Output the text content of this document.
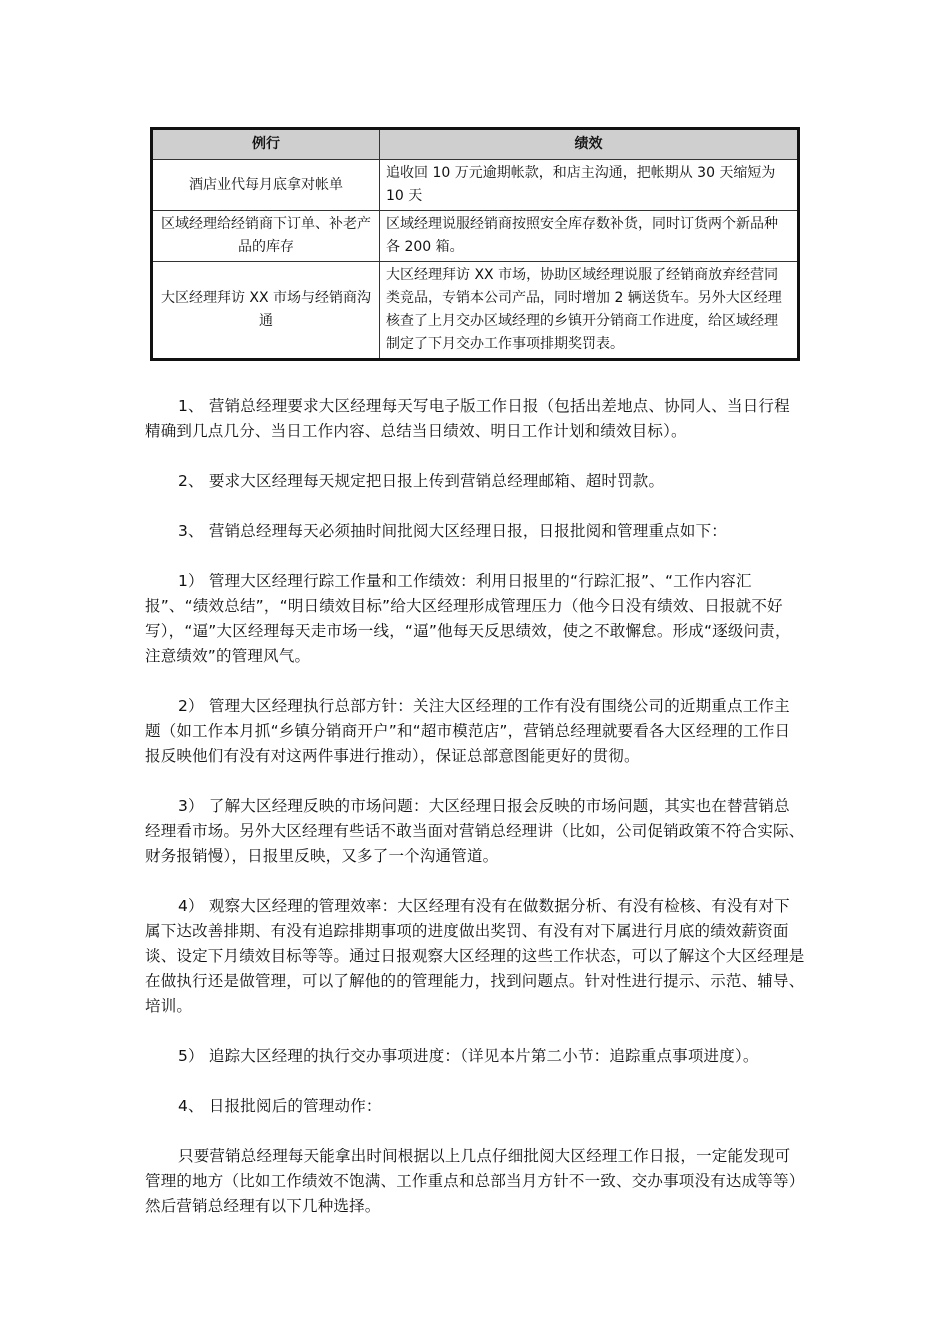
例行	绩效
酒店业代每月底拿对帐单	追收回 10 万元逾期帐款，和店主沟通，把帐期从 30 天缩短为 10 天
区域经理给经销商下订单、补老产品的库存	区域经理说服经销商按照安全库存数补货，同时订货两个新品种各 200 箱。
大区经理拜访 XX 市场与经销商沟通	大区经理拜访 XX 市场，协助区域经理说服了经销商放弃经营同类竞品，专销本公司产品，同时增加 2 辆送货车。另外大区经理核查了上月交办区域经理的乡镇开分销商工作进度，给区域经理制定了下月交办工作事项排期奖罚表。

1、 营销总经理要求大区经理每天写电子版工作日报（包括出差地点、协同人、当日行程精确到几点几分、当日工作内容、总结当日绩效、明日工作计划和绩效目标）。

2、 要求大区经理每天规定把日报上传到营销总经理邮箱、超时罚款。

3、 营销总经理每天必须抽时间批阅大区经理日报，日报批阅和管理重点如下：

1） 管理大区经理行踪工作量和工作绩效：利用日报里的“行踪汇报”、“工作内容汇报”、“绩效总结”，“明日绩效目标”给大区经理形成管理压力（他今日没有绩效、日报就不好写），“逼”大区经理每天走市场一线，“逼”他每天反思绩效，使之不敢懈怠。形成“逐级问责，注意绩效”的管理风气。

2） 管理大区经理执行总部方针：关注大区经理的工作有没有围绕公司的近期重点工作主题（如工作本月抓“乡镇分销商开户”和“超市模范店”，营销总经理就要看各大区经理的工作日报反映他们有没有对这两件事进行推动），保证总部意图能更好的贯彻。

3） 了解大区经理反映的市场问题：大区经理日报会反映的市场问题，其实也在替营销总经理看市场。另外大区经理有些话不敢当面对营销总经理讲（比如，公司促销政策不符合实际、财务报销慢），日报里反映，又多了一个沟通管道。

4） 观察大区经理的管理效率：大区经理有没有在做数据分析、有没有检核、有没有对下属下达改善排期、有没有追踪排期事项的进度做出奖罚、有没有对下属进行月底的绩效薪资面谈、设定下月绩效目标等等。通过日报观察大区经理的这些工作状态，可以了解这个大区经理是在做执行还是做管理，可以了解他的的管理能力，找到问题点。针对性进行提示、示范、辅导、培训。

5） 追踪大区经理的执行交办事项进度：（详见本片第二小节：追踪重点事项进度）。

4、 日报批阅后的管理动作：

只要营销总经理每天能拿出时间根据以上几点仔细批阅大区经理工作日报，一定能发现可管理的地方（比如工作绩效不饱满、工作重点和总部当月方针不一致、交办事项没有达成等等）然后营销总经理有以下几种选择。
